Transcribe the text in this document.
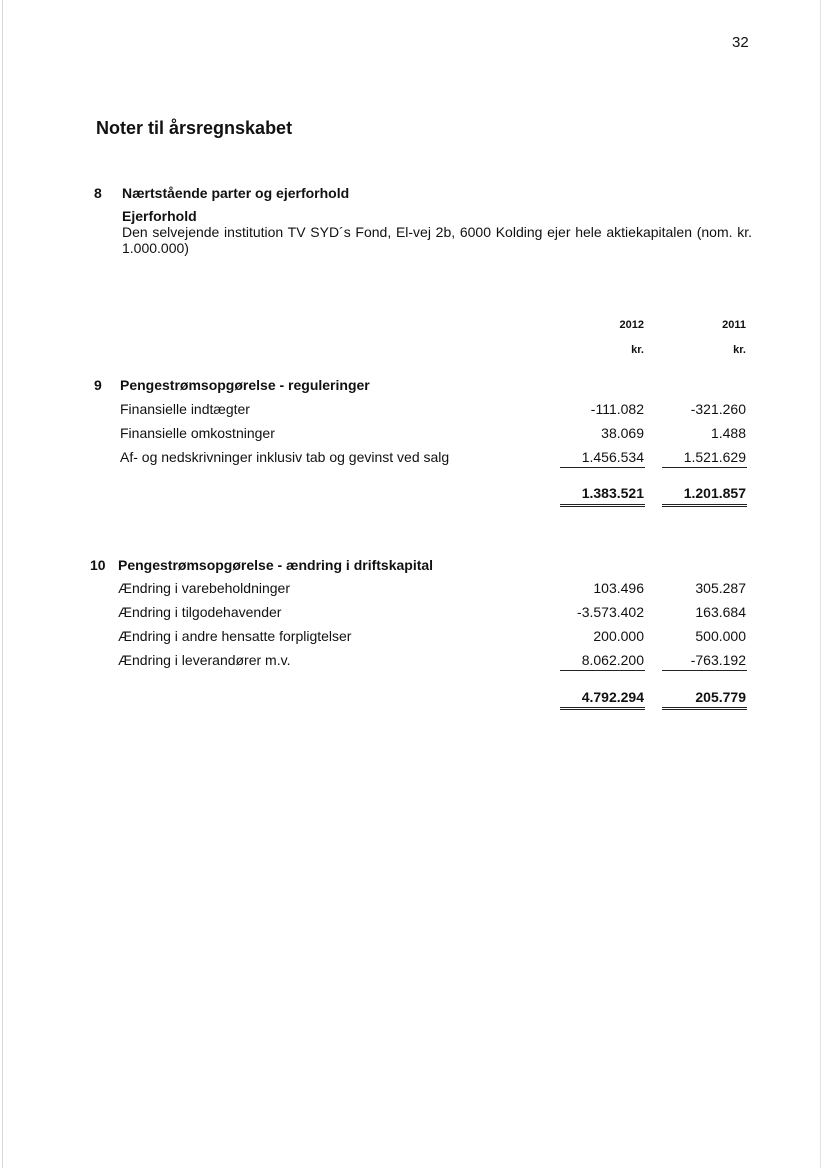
32
Noter til årsregnskabet
8 Nærtstående parter og ejerforhold
Ejerforhold
Den selvejende institution TV SYD´s Fond, El-vej 2b, 6000 Kolding ejer hele aktiekapitalen (nom. kr. 1.000.000)
2012	2011
kr.	kr.
9 Pengestrømsopgørelse - reguleringer
Finansielle indtægter	-111.082	-321.260
Finansielle omkostninger	38.069	1.488
Af- og nedskrivninger inklusiv tab og gevinst ved salg	1.456.534	1.521.629
1.383.521	1.201.857
10 Pengestrømsopgørelse - ændring i driftskapital
Ændring i varebeholdninger	103.496	305.287
Ændring i tilgodehavender	-3.573.402	163.684
Ændring i andre hensatte forpligtelser	200.000	500.000
Ændring i leverandører m.v.	8.062.200	-763.192
4.792.294	205.779
